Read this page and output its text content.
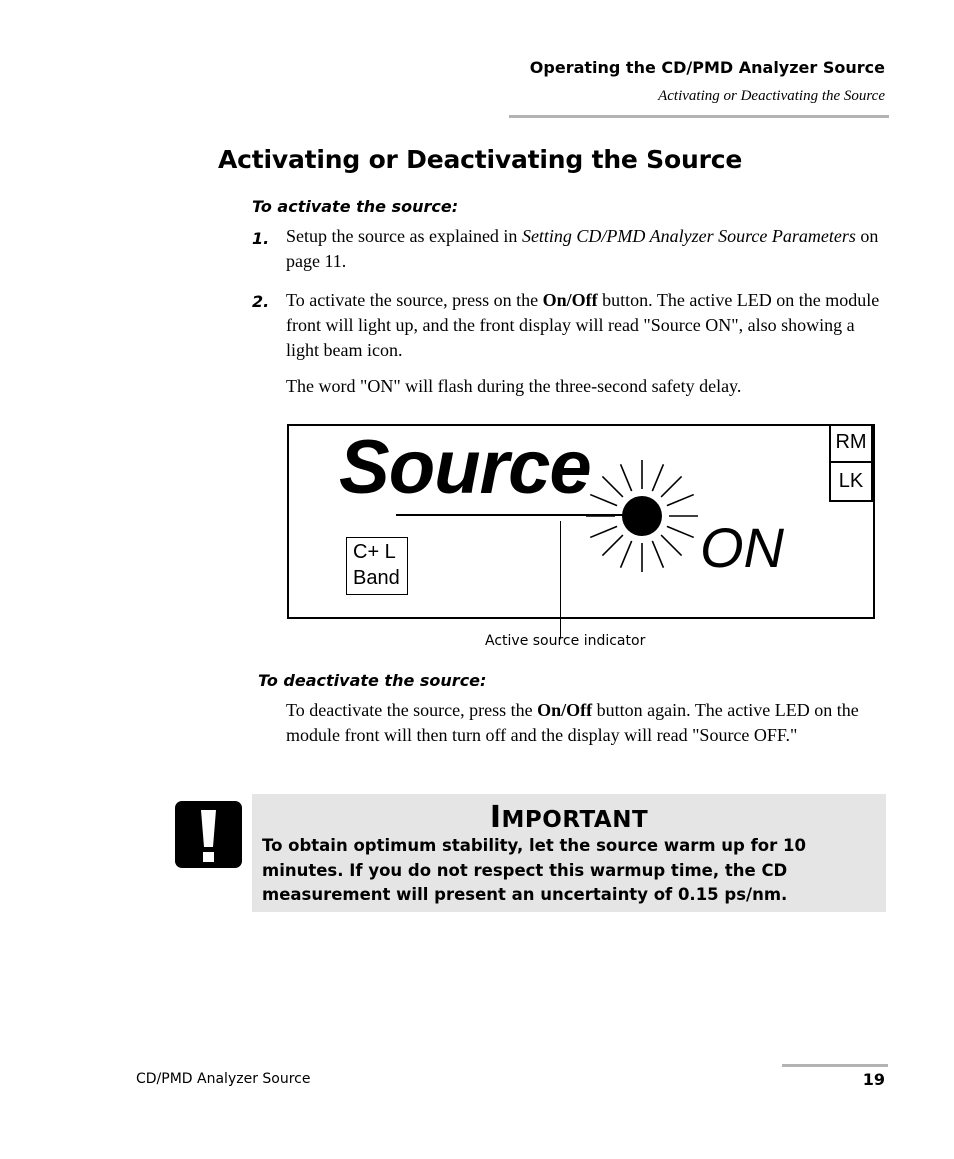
Operating the CD/PMD Analyzer Source
Activating or Deactivating the Source
Activating or Deactivating the Source
To activate the source:
1. Setup the source as explained in Setting CD/PMD Analyzer Source Parameters on page 11.
2. To activate the source, press on the On/Off button. The active LED on the module front will light up, and the front display will read "Source ON", also showing a light beam icon.
The word "ON" will flash during the three-second safety delay.
Source
ON
C+ L
Band
RM
LK
Active source indicator
To deactivate the source:
To deactivate the source, press the On/Off button again. The active LED on the module front will then turn off and the display will read "Source OFF."
IMPORTANT
To obtain optimum stability, let the source warm up for 10 minutes. If you do not respect this warmup time, the CD measurement will present an uncertainty of 0.15 ps/nm.
CD/PMD Analyzer Source	19
